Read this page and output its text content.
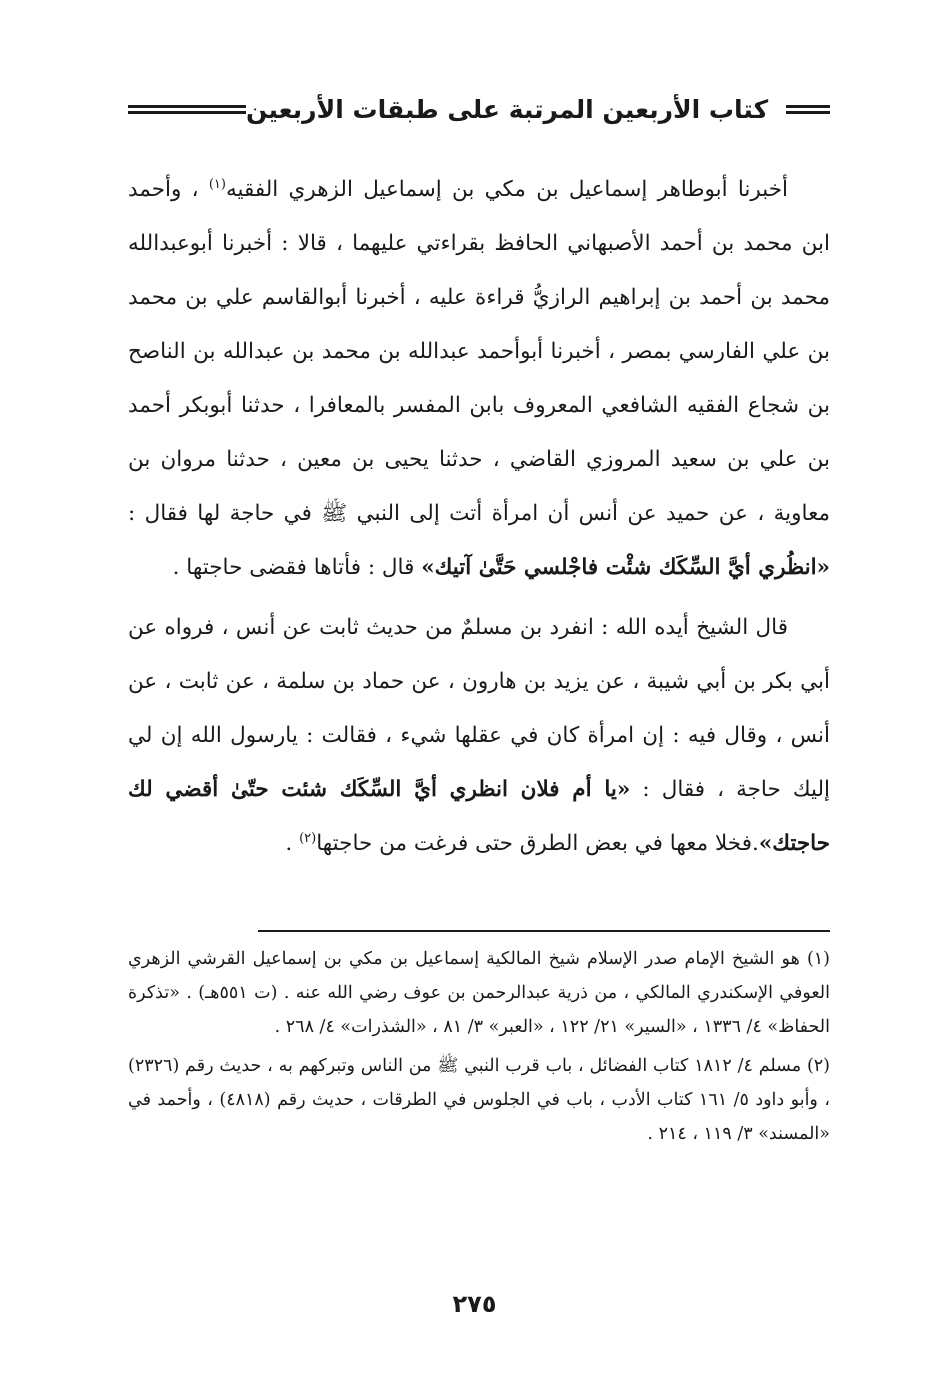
كتاب الأربعين المرتبة على طبقات الأربعين

أخبرنا أبوطاهر إسماعيل بن مكي بن إسماعيل الزهري الفقيه$^{(١)}$ ، وأحمد ابن محمد بن أحمد الأصبهاني الحافظ بقراءتي عليهما ، قالا : أخبرنا أبوعبدالله محمد بن أحمد بن إبراهيم الرازيُّ قراءة عليه ، أخبرنا أبوالقاسم علي بن محمد بن علي الفارسي بمصر ، أخبرنا أبوأحمد عبدالله بن محمد بن عبدالله بن الناصح بن شجاع الفقيه الشافعي المعروف بابن المفسر بالمعافرا ، حدثنا أبوبكر أحمد بن علي بن سعيد المروزي القاضي ، حدثنا يحيى بن معين ، حدثنا مروان بن معاوية ، عن حميد عن أنس أن امرأة أتت إلى النبي ﷺ في حاجة لها فقال : «انظُري أيَّ السِّكَك شئْت فاجْلسي حَتَّىٰ آتيك» قال : فأتاها فقضى حاجتها .

قال الشيخ أيده الله : انفرد بن مسلمٌ من حديث ثابت عن أنس ، فرواه عن أبي بكر بن أبي شيبة ، عن يزيد بن هارون ، عن حماد بن سلمة ، عن ثابت ، عن أنس ، وقال فيه : إن امرأة كان في عقلها شيء ، فقالت : يارسول الله إن لي إليك حاجة ، فقال : «يا أم فلان انظري أيَّ السِّكَك شئت حتّىٰ أقضي لك حاجتك».فخلا معها في بعض الطرق حتى فرغت من حاجتها$^{(٢)}$ .

(١) هو الشيخ الإمام صدر الإسلام شيخ المالكية إسماعيل بن مكي بن إسماعيل القرشي الزهري العوفي الإسكندري المالكي ، من ذرية عبدالرحمن بن عوف رضي الله عنه . (ت ٥٥١هـ) . «تذكرة الحفاظ» ٤/ ١٣٣٦ ، «السير» ٢١/ ١٢٢ ، «العبر» ٣/ ٨١ ، «الشذرات» ٤/ ٢٦٨ .

(٢) مسلم ٤/ ١٨١٢ كتاب الفضائل ، باب قرب النبي ﷺ من الناس وتبركهم به ، حديث رقم (٢٣٢٦) ، وأبو داود ٥/ ١٦١ كتاب الأدب ، باب في الجلوس في الطرقات ، حديث رقم (٤٨١٨) ، وأحمد في «المسند» ٣/ ١١٩ ، ٢١٤ .

٢٧٥
